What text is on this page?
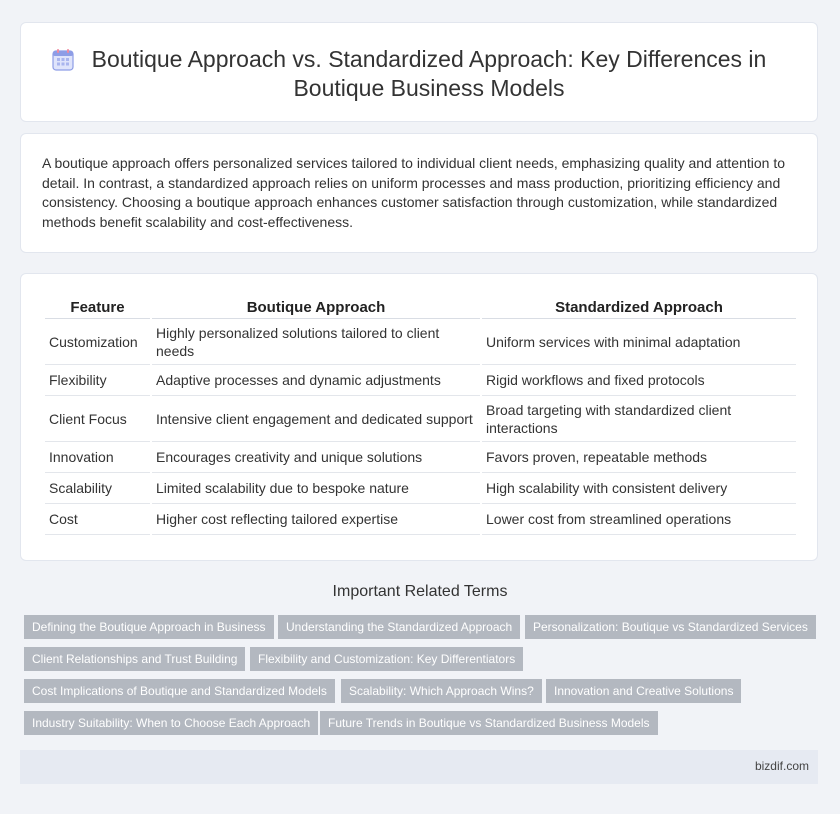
Boutique Approach vs. Standardized Approach: Key Differences in Boutique Business Models

A boutique approach offers personalized services tailored to individual client needs, emphasizing quality and attention to detail. In contrast, a standardized approach relies on uniform processes and mass production, prioritizing efficiency and consistency. Choosing a boutique approach enhances customer satisfaction through customization, while standardized methods benefit scalability and cost-effectiveness.

Feature	Boutique Approach	Standardized Approach
Customization	Highly personalized solutions tailored to client needs	Uniform services with minimal adaptation
Flexibility	Adaptive processes and dynamic adjustments	Rigid workflows and fixed protocols
Client Focus	Intensive client engagement and dedicated support	Broad targeting with standardized client interactions
Innovation	Encourages creativity and unique solutions	Favors proven, repeatable methods
Scalability	Limited scalability due to bespoke nature	High scalability with consistent delivery
Cost	Higher cost reflecting tailored expertise	Lower cost from streamlined operations
Important Related Terms
Defining the Boutique Approach in Business	Understanding the Standardized Approach	Personalization: Boutique vs Standardized Services
Client Relationships and Trust Building	Flexibility and Customization: Key Differentiators
Cost Implications of Boutique and Standardized Models	Scalability: Which Approach Wins?	Innovation and Creative Solutions
Industry Suitability: When to Choose Each Approach	Future Trends in Boutique vs Standardized Business Models
bizdif.com
